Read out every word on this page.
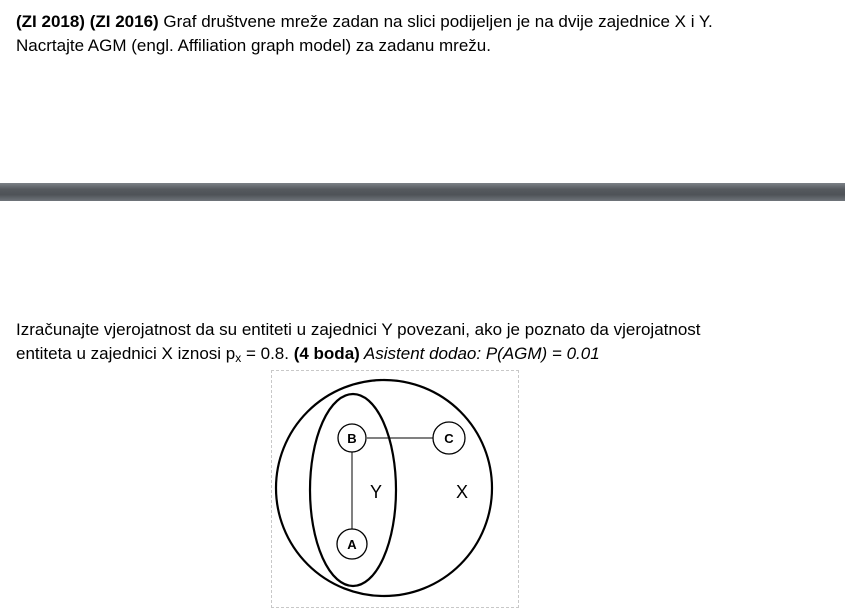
(ZI 2018) (ZI 2016) Graf društvene mreže zadan na slici podijeljen je na dvije zajednice X i Y.
Nacrtajte AGM (engl. Affiliation graph model) za zadanu mrežu.

Izračunajte vjerojatnost da su entiteti u zajednici Y povezani, ako je poznato da vjerojatnost
entiteta u zajednici X iznosi $p_x = 0.8$. (4 boda) Asistent dodao: P(AGM) = 0.01

B	C
A
Y	X
